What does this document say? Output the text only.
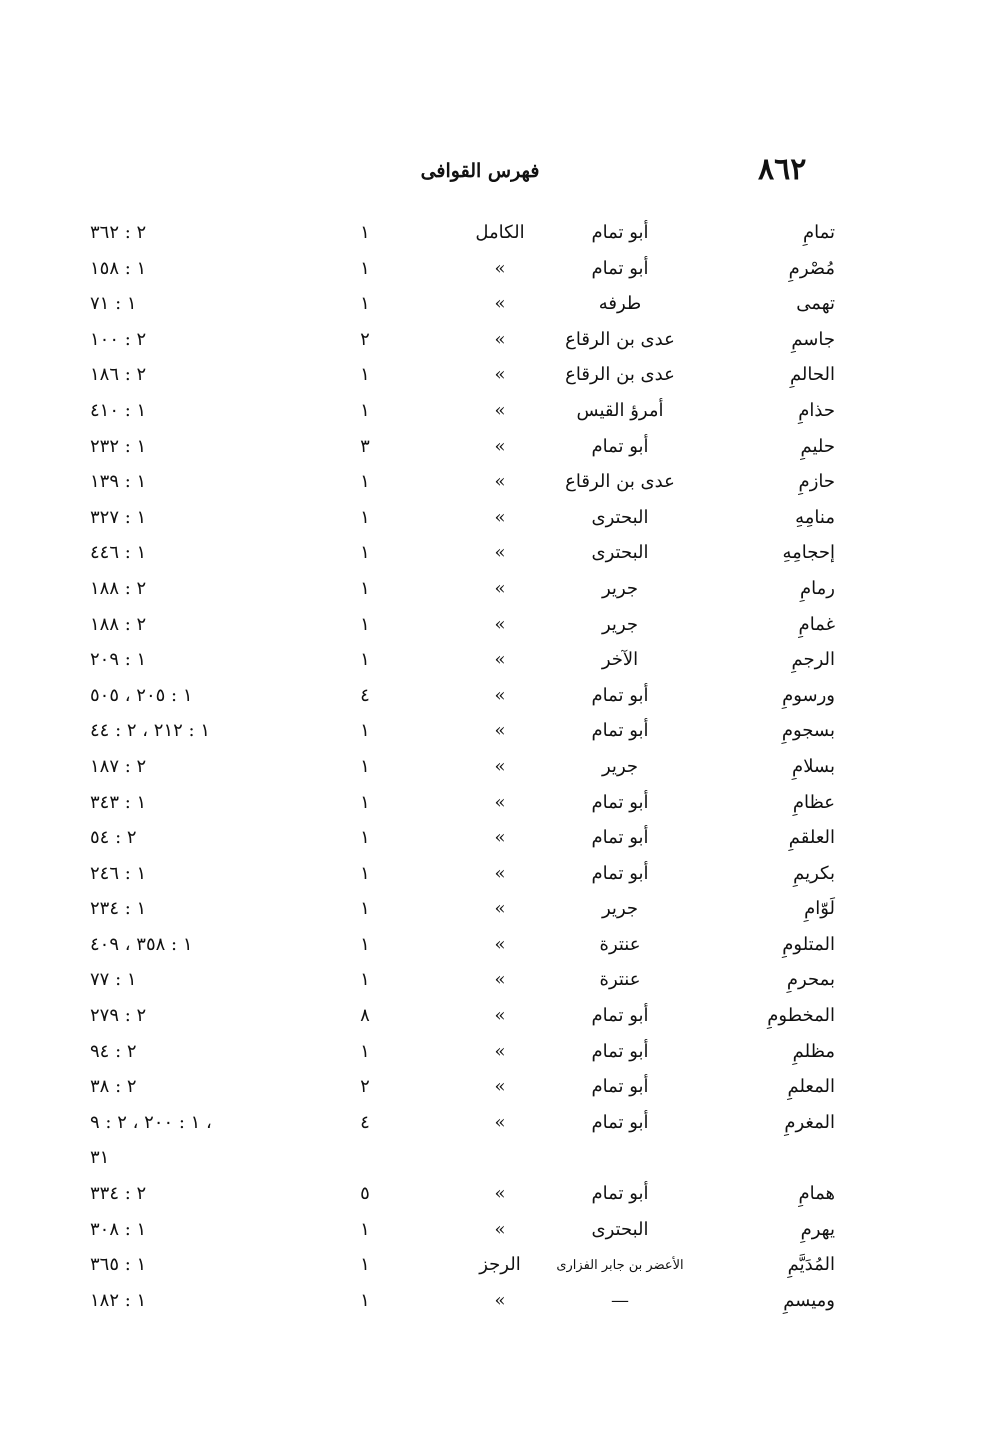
٨٦٢
فهرس القوافى
تمامِ
أبو تمام
الكامل
١
٢ : ٣٦٢
مُصْرمِ
أبو تمام
»
١
١ : ١٥٨
تهمى
طرفه
»
١
١ : ٧١
جاسمِ
عدى بن الرقاع
»
٢
٢ : ١٠٠
الحالمِ
عدى بن الرقاع
»
١
٢ : ١٨٦
حذامِ
أمرؤ القيس
»
١
١ : ٤١٠
حليمِ
أبو تمام
»
٣
١ : ٢٣٢
حازمِ
عدى بن الرقاع
»
١
١ : ١٣٩
منامِهِ
البحترى
»
١
١ : ٣٢٧
إحجامِهِ
البحترى
»
١
١ : ٤٤٦
رمامِ
جرير
»
١
٢ : ١٨٨
غمامِ
جرير
»
١
٢ : ١٨٨
الرجمِ
الآخر
»
١
١ : ٢٠٩
ورسومِ
أبو تمام
»
٤
١ : ٢٠٥ ، ٥٠٥
بسجومِ
أبو تمام
»
١
١ : ٢١٢ ، ٢ : ٤٤
بسلامِ
جرير
»
١
٢ : ١٨٧
عظامِ
أبو تمام
»
١
١ : ٣٤٣
العلقمِ
أبو تمام
»
١
٢ : ٥٤
بكريمِ
أبو تمام
»
١
١ : ٢٤٦
لَوّامِ
جرير
»
١
١ : ٢٣٤
المتلومِ
عنترة
»
١
١ : ٣٥٨ ، ٤٠٩
بمحرمِ
عنترة
»
١
١ : ٧٧
المخطومِ
أبو تمام
»
٨
٢ : ٢٧٩
مظلمِ
أبو تمام
»
١
٢ : ٩٤
المعلمِ
أبو تمام
»
٢
٢ : ٣٨
المغرمِ
أبو تمام
»
٤
١ : ٢٠٠ ، ٢ : ٩ ،
٣١
همامِ
أبو تمام
»
٥
٢ : ٣٣٤
يهرمِ
البحترى
»
١
١ : ٣٠٨
المُدَيَّمِ
الأعضر بن جابر الفزارى
الرجز
١
١ : ٣٦٥
وميسمِ
—
»
١
١ : ١٨٢
